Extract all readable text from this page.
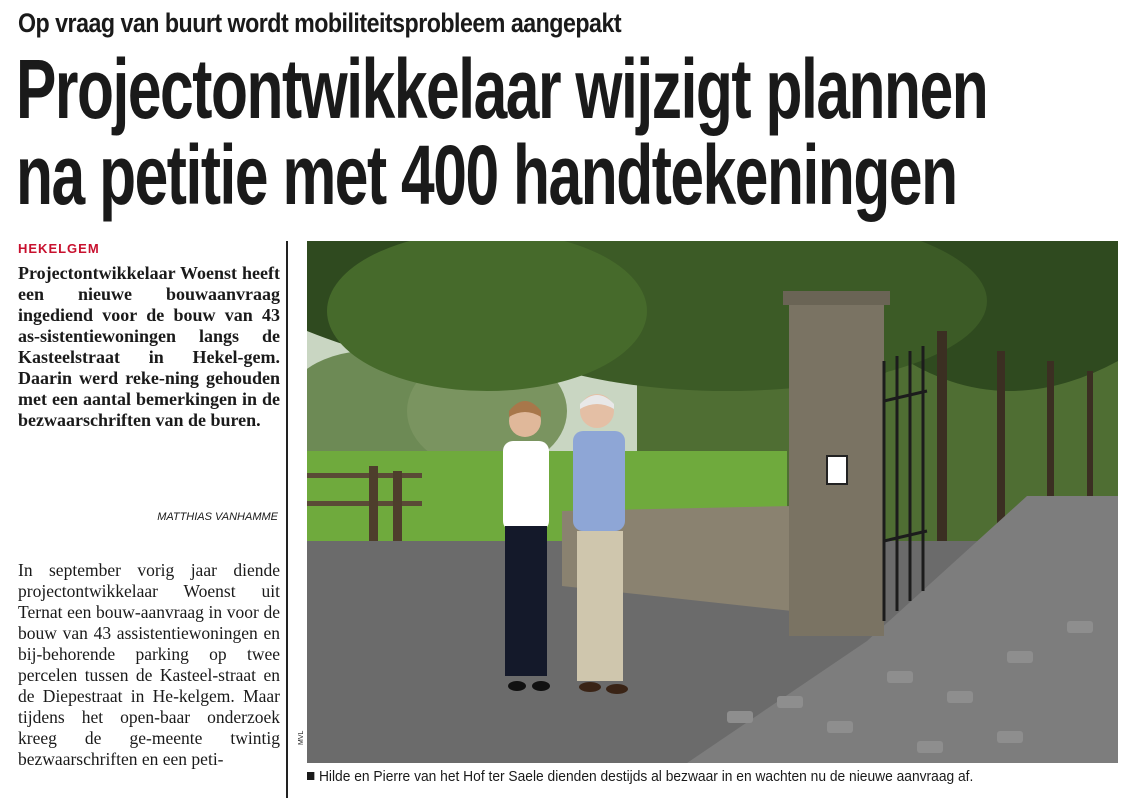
Op vraag van buurt wordt mobiliteitsprobleem aangepakt
Projectontwikkelaar wijzigt plannen
na petitie met 400 handtekeningen
HEKELGEM

Projectontwikkelaar Woenst heeft een nieuwe bouwaanvraag ingediend voor de bouw van 43 as-sistentiewoningen langs de Kasteelstraat in Hekel-gem. Daarin werd reke-ning gehouden met een aantal bemerkingen in de bezwaarschriften van de buren.

MATTHIAS VANHAMME

In september vorig jaar diende projectontwikkelaar Woenst uit Ternat een bouw-aanvraag in voor de bouw van 43 assistentiewoningen en bij-behorende parking op twee percelen tussen de Kasteel-straat en de Diepestraat in He-kelgem. Maar tijdens het open-baar onderzoek kreeg de ge-meente twintig bezwaarschriften en een peti-

MVL
Hilde en Pierre van het Hof ter Saele dienden destijds al bezwaar in en wachten nu de nieuwe aanvraag af.
